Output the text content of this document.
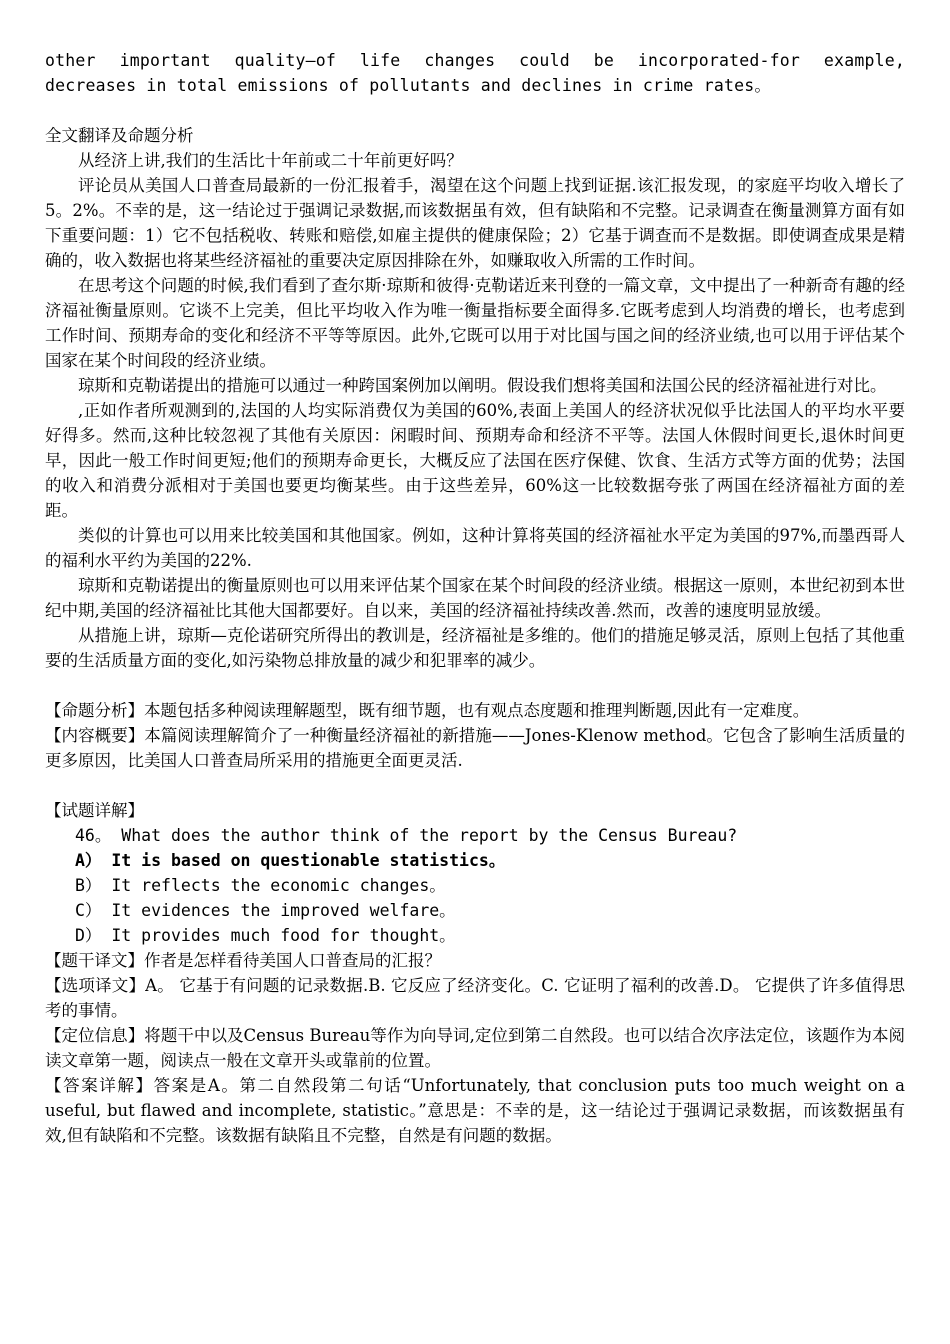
other important quality—of life changes could be incorporated-for example,

decreases in total emissions of pollutants and declines in crime rates。

全文翻译及命题分析

从经济上讲,我们的生活比十年前或二十年前更好吗？

评论员从美国人口普查局最新的一份汇报着手，渴望在这个问题上找到证据.该汇报发现，的家庭平均收入增长了5。2%。不幸的是，这一结论过于强调记录数据,而该数据虽有效，但有缺陷和不完整。记录调查在衡量测算方面有如下重要问题：1）它不包括税收、转账和赔偿,如雇主提供的健康保险；2）它基于调查而不是数据。即使调查成果是精确的，收入数据也将某些经济福祉的重要决定原因排除在外，如赚取收入所需的工作时间。

在思考这个问题的时候,我们看到了查尔斯·琼斯和彼得·克勒诺近来刊登的一篇文章，文中提出了一种新奇有趣的经济福祉衡量原则。它谈不上完美，但比平均收入作为唯一衡量指标要全面得多.它既考虑到人均消费的增长，也考虑到工作时间、预期寿命的变化和经济不平等等原因。此外,它既可以用于对比国与国之间的经济业绩,也可以用于评估某个国家在某个时间段的经济业绩。

琼斯和克勒诺提出的措施可以通过一种跨国案例加以阐明。假设我们想将美国和法国公民的经济福祉进行对比。

,正如作者所观测到的,法国的人均实际消费仅为美国的60%,表面上美国人的经济状况似乎比法国人的平均水平要好得多。然而,这种比较忽视了其他有关原因：闲暇时间、预期寿命和经济不平等。法国人休假时间更长,退休时间更早，因此一般工作时间更短;他们的预期寿命更长，大概反应了法国在医疗保健、饮食、生活方式等方面的优势；法国的收入和消费分派相对于美国也要更均衡某些。由于这些差异，60%这一比较数据夸张了两国在经济福祉方面的差距。

类似的计算也可以用来比较美国和其他国家。例如，这种计算将英国的经济福祉水平定为美国的97%,而墨西哥人的福利水平约为美国的22%.

琼斯和克勒诺提出的衡量原则也可以用来评估某个国家在某个时间段的经济业绩。根据这一原则，本世纪初到本世纪中期,美国的经济福祉比其他大国都要好。自以来，美国的经济福祉持续改善.然而，改善的速度明显放缓。

从措施上讲，琼斯—克伦诺研究所得出的教训是，经济福祉是多维的。他们的措施足够灵活，原则上包括了其他重要的生活质量方面的变化,如污染物总排放量的减少和犯罪率的减少。

【命题分析】本题包括多种阅读理解题型，既有细节题，也有观点态度题和推理判断题,因此有一定难度。

【内容概要】本篇阅读理解简介了一种衡量经济福祉的新措施——Jones-Klenow method。它包含了影响生活质量的更多原因，比美国人口普查局所采用的措施更全面更灵活.

【试题详解】

46。 What does the author think of the report by the Census Bureau?

A） It is based on questionable statistics。

B） It reflects the economic changes。

C） It evidences the improved welfare。

D） It provides much food for thought。

【题干译文】作者是怎样看待美国人口普查局的汇报？

【选项译文】A。 它基于有问题的记录数据.B. 它反应了经济变化。C. 它证明了福利的改善.D。 它提供了许多值得思考的事情。

【定位信息】将题干中以及Census Bureau等作为向导词,定位到第二自然段。也可以结合次序法定位，该题作为本阅读文章第一题，阅读点一般在文章开头或靠前的位置。

【答案详解】答案是A。第二自然段第二句话“Unfortunately, that conclusion puts too much weight on a useful, but flawed and incomplete, statistic。”意思是：不幸的是，这一结论过于强调记录数据，而该数据虽有效,但有缺陷和不完整。该数据有缺陷且不完整，自然是有问题的数据。
